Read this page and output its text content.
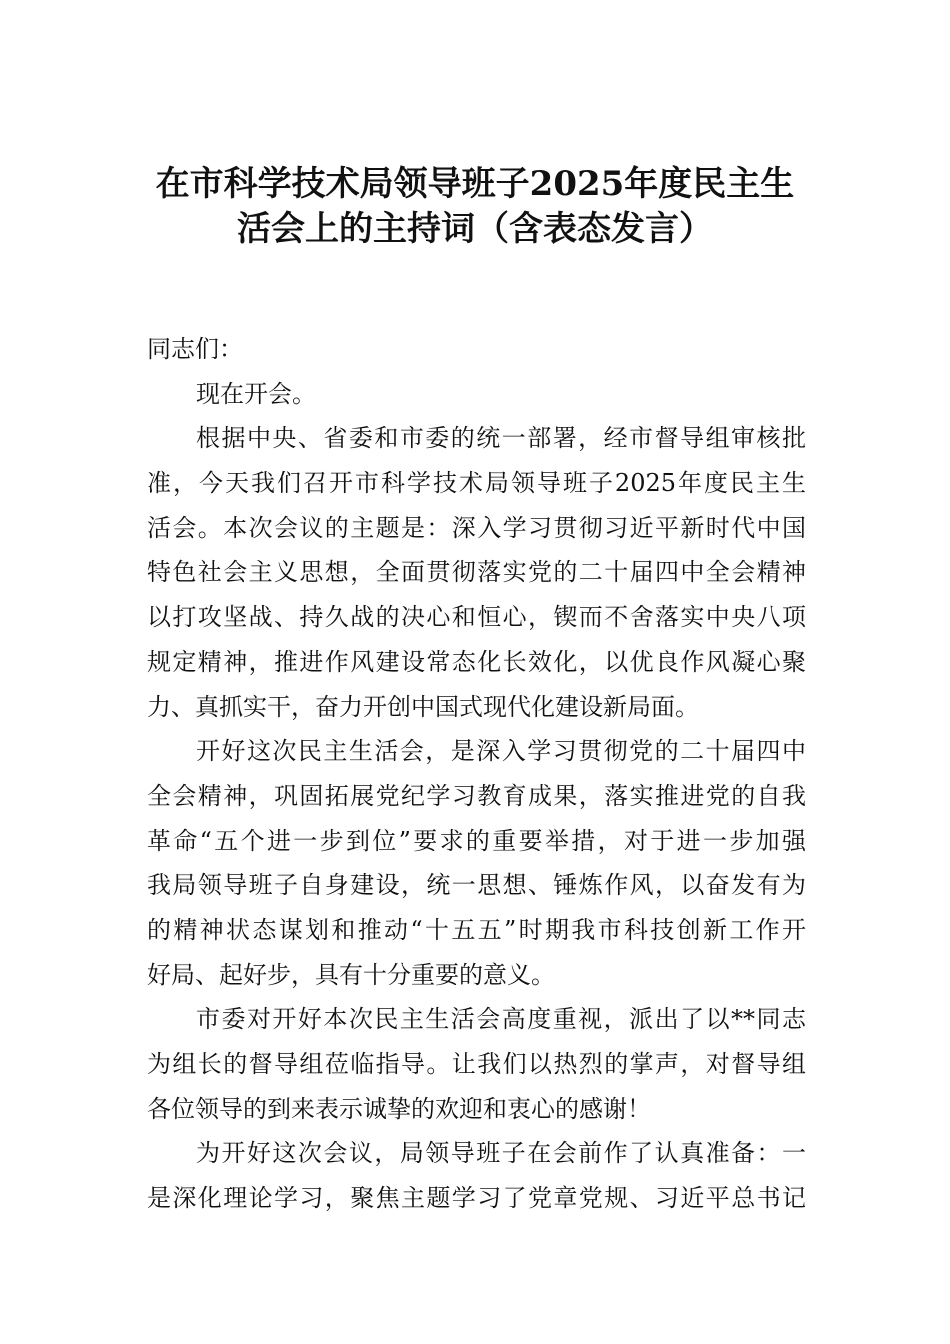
在市科学技术局领导班子2025年度民主生
活会上的主持词（含表态发言）
同志们：
现在开会。
根据中央、省委和市委的统一部署，经市督导组审核批
准，今天我们召开市科学技术局领导班子2025年度民主生
活会。本次会议的主题是：深入学习贯彻习近平新时代中国
特色社会主义思想，全面贯彻落实党的二十届四中全会精神
以打攻坚战、持久战的决心和恒心，锲而不舍落实中央八项
规定精神，推进作风建设常态化长效化，以优良作风凝心聚
力、真抓实干，奋力开创中国式现代化建设新局面。
开好这次民主生活会，是深入学习贯彻党的二十届四中
全会精神，巩固拓展党纪学习教育成果，落实推进党的自我
革命“五个进一步到位”要求的重要举措，对于进一步加强
我局领导班子自身建设，统一思想、锤炼作风，以奋发有为
的精神状态谋划和推动“十五五”时期我市科技创新工作开
好局、起好步，具有十分重要的意义。
市委对开好本次民主生活会高度重视，派出了以**同志
为组长的督导组莅临指导。让我们以热烈的掌声，对督导组
各位领导的到来表示诚挚的欢迎和衷心的感谢！
为开好这次会议，局领导班子在会前作了认真准备：一
是深化理论学习，聚焦主题学习了党章党规、习近平总书记
